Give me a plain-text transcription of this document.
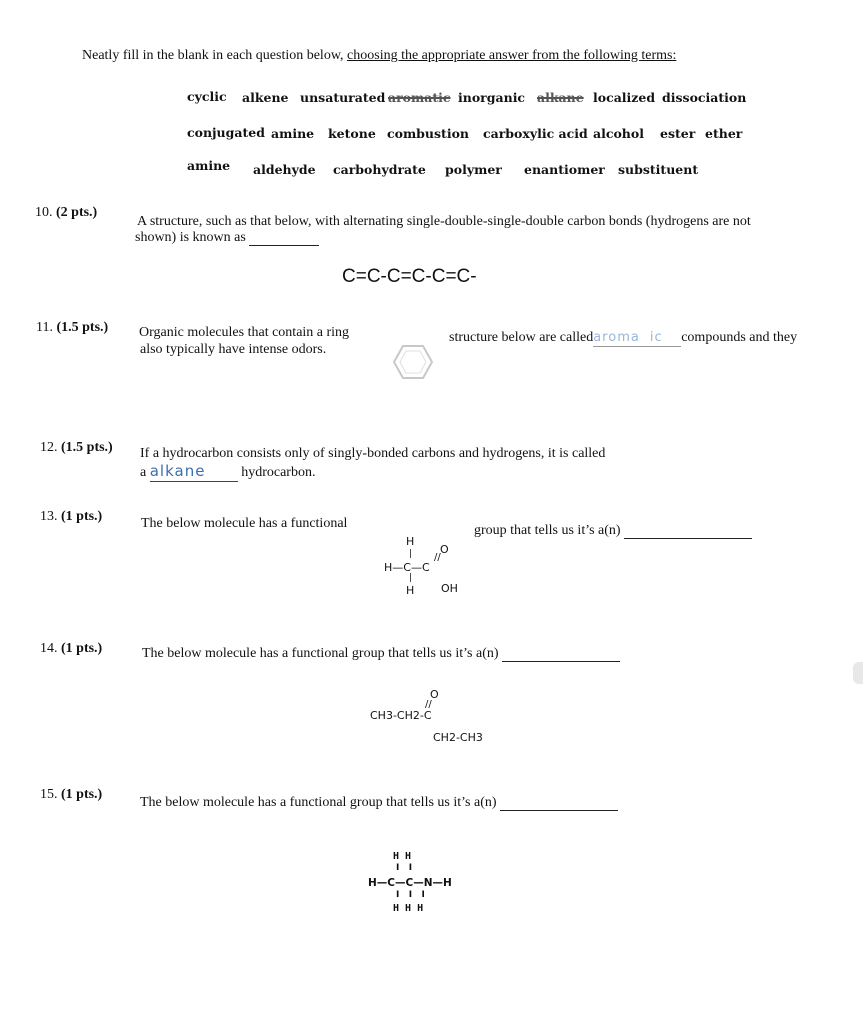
Neatly fill in the blank in each question below, choosing the appropriate answer from the following terms:
cyclic alkene unsaturated aromatic inorganic alkane localized dissociation
conjugated amine ketone combustion carboxylic acid alcohol ester ether
amine aldehyde carbohydrate polymer enantiomer substituent
10. (2 pts.)
A structure, such as that below, with alternating single-double-single-double carbon bonds (hydrogens are not
shown) is known as
C=C-C=C-C=C-
11. (1.5 pts.) Organic molecules that contain a ring
also typically have intense odors.
structure below are calledaroma ic compounds and they
12. (1.5 pts.) If a hydrocarbon consists only of singly-bonded carbons and hydrogens, it is called
a alkane	hydrocarbon.
13. (1 pts.)	The below molecule has a functional	group that tells us it’s a(n)
H
|
H—C—C
|
H
O
//
OH
14. (1 pts.)	The below molecule has a functional group that tells us it’s a(n)
O
//
CH3-CH2-C
CH2-CH3
15. (1 pts.)
The below molecule has a functional group that tells us it’s a(n)
H H
I   I
H—C—C—N—H
I   I   I
H H H
